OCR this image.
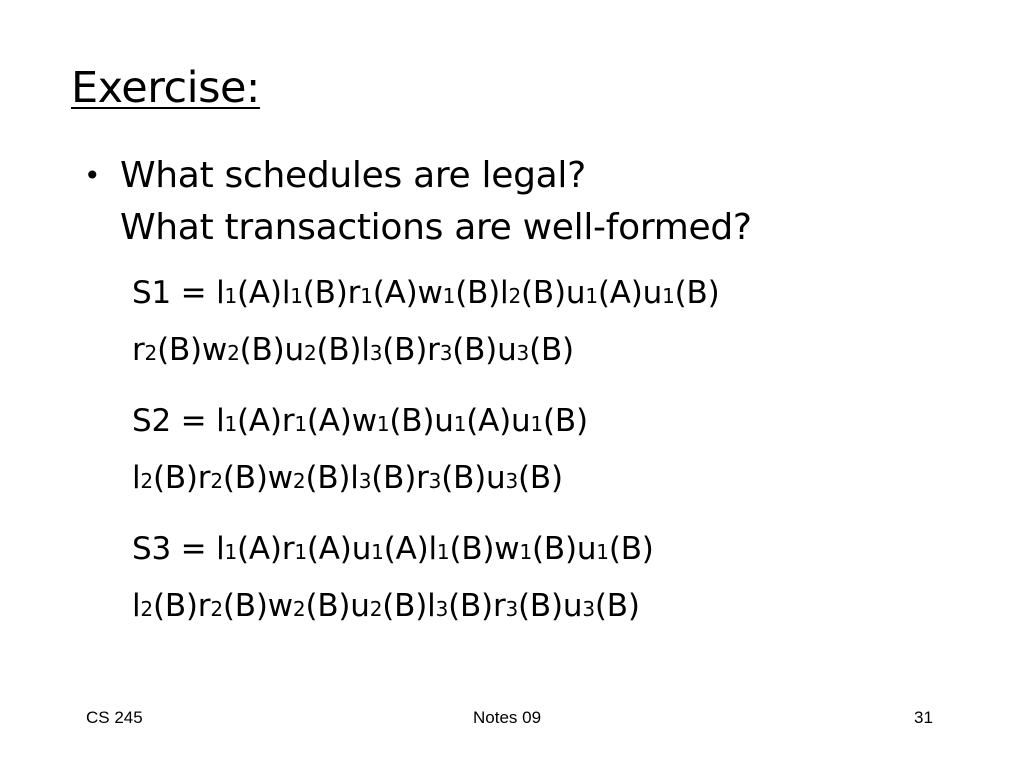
Exercise:
• What schedules are legal?
What transactions are well-formed?
S1 = l1(A)l1(B)r1(A)w1(B)l2(B)u1(A)u1(B)
r2(B)w2(B)u2(B)l3(B)r3(B)u3(B)
S2 = l1(A)r1(A)w1(B)u1(A)u1(B)
l2(B)r2(B)w2(B)l3(B)r3(B)u3(B)
S3 = l1(A)r1(A)u1(A)l1(B)w1(B)u1(B)
l2(B)r2(B)w2(B)u2(B)l3(B)r3(B)u3(B)
CS 245	Notes 09	31
